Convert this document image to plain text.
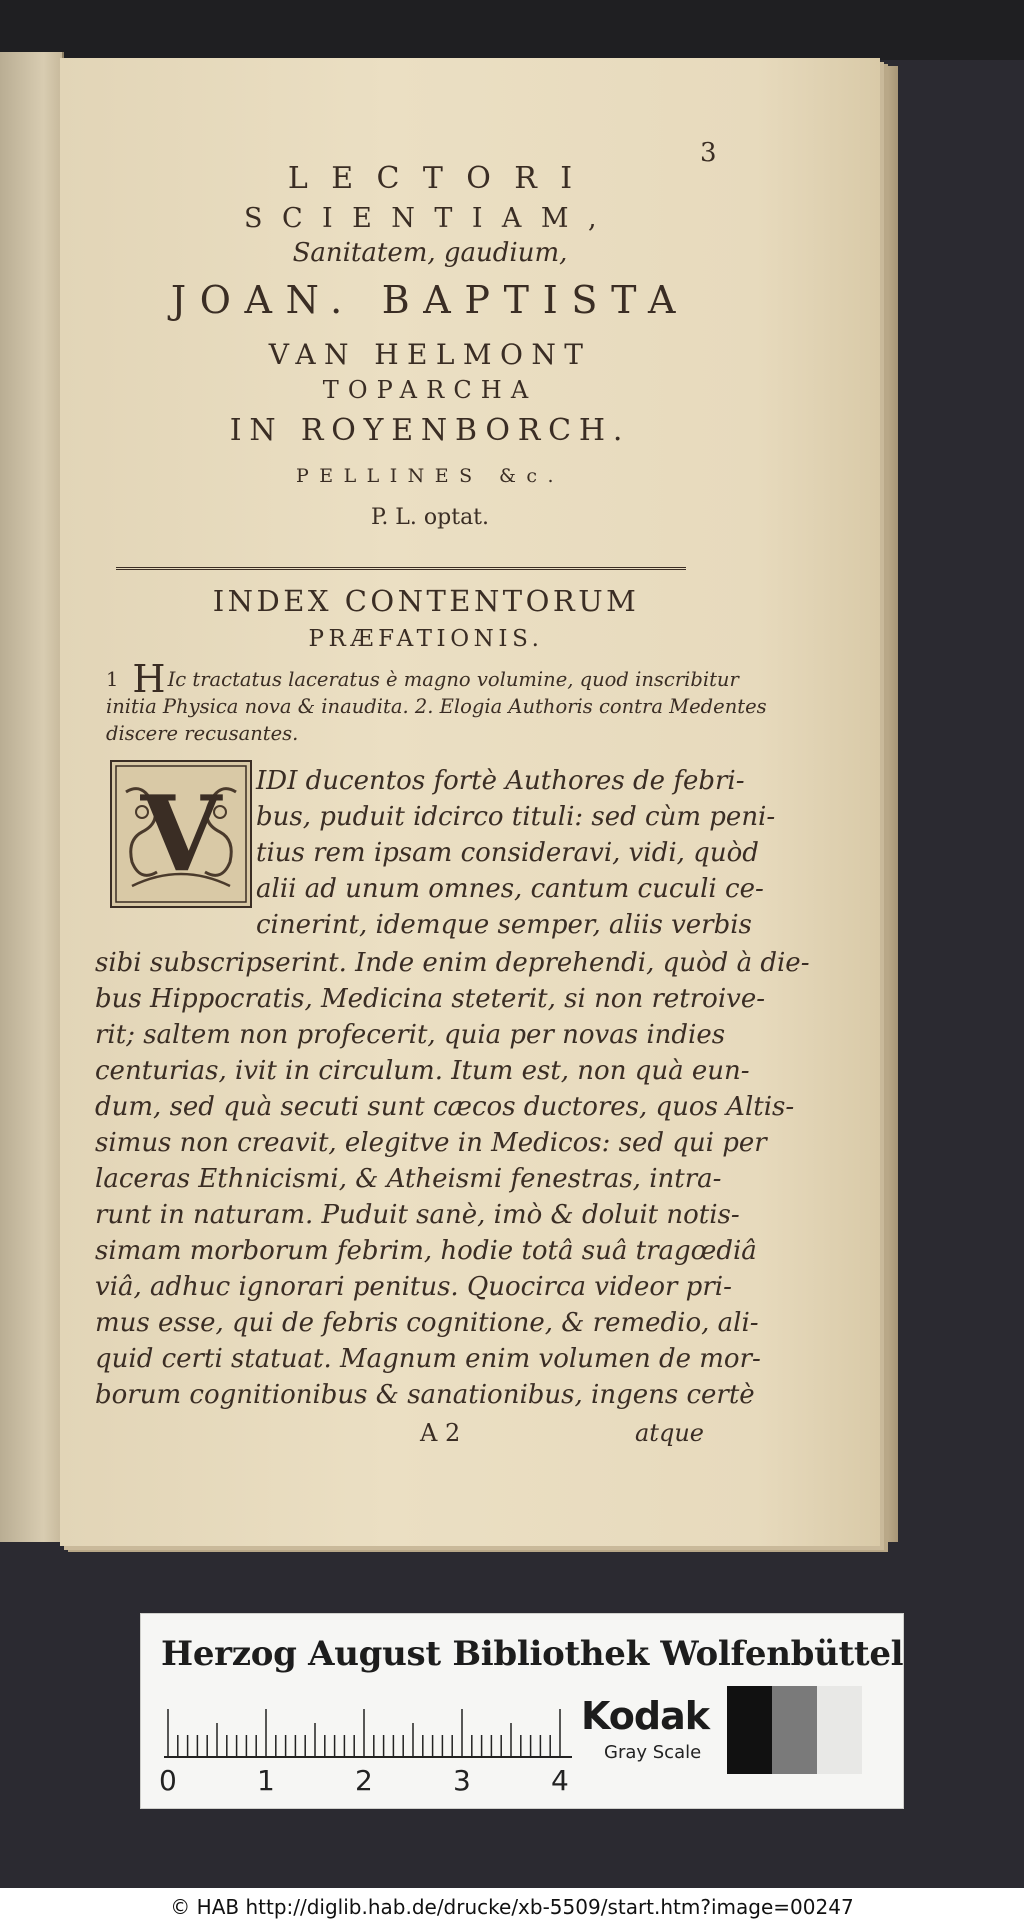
3
LECTORI
SCIENTIAM,
Sanitatem, gaudium,
JOAN. BAPTISTA
VAN HELMONT
TOPARCHA
IN ROYENBORCH.
PELLINES &c.
P. L. optat.
INDEX CONTENTORUM
PRÆFATIONIS.
1 H Ic tractatus laceratus è magno volumine, quod inscribitur initia Physica nova & inaudita. 2. Elogia Authoris contra Medentes discere recusantes.
V IDI ducentos fortè Authores de febri-
bus, puduit idcirco tituli: sed cùm peni-
tius rem ipsam consideravi, vidi, quòd
alii ad unum omnes, cantum cuculi ce-
cinerint, idemque semper, aliis verbis
sibi subscripserint. Inde enim deprehendi, quòd à die-
bus Hippocratis, Medicina steterit, si non retroive-
rit; saltem non profecerit, quia per novas indies
centurias, ivit in circulum. Itum est, non quà eun-
dum, sed quà secuti sunt cæcos ductores, quos Altis-
simus non creavit, elegitve in Medicos: sed qui per
laceras Ethnicismi, & Atheismi fenestras, intra-
runt in naturam. Puduit sanè, imò & doluit notis-
simam morborum febrim, hodie totâ suâ tragœdiâ
viâ, adhuc ignorari penitus. Quocirca videor pri-
mus esse, qui de febris cognitione, & remedio, ali-
quid certi statuat. Magnum enim volumen de mor-
borum cognitionibus & sanationibus, ingens certè
A 2	atque
Herzog August Bibliothek Wolfenbüttel
0	1	2	3	4
Kodak
Gray Scale
© HAB http://diglib.hab.de/drucke/xb-5509/start.htm?image=00247
